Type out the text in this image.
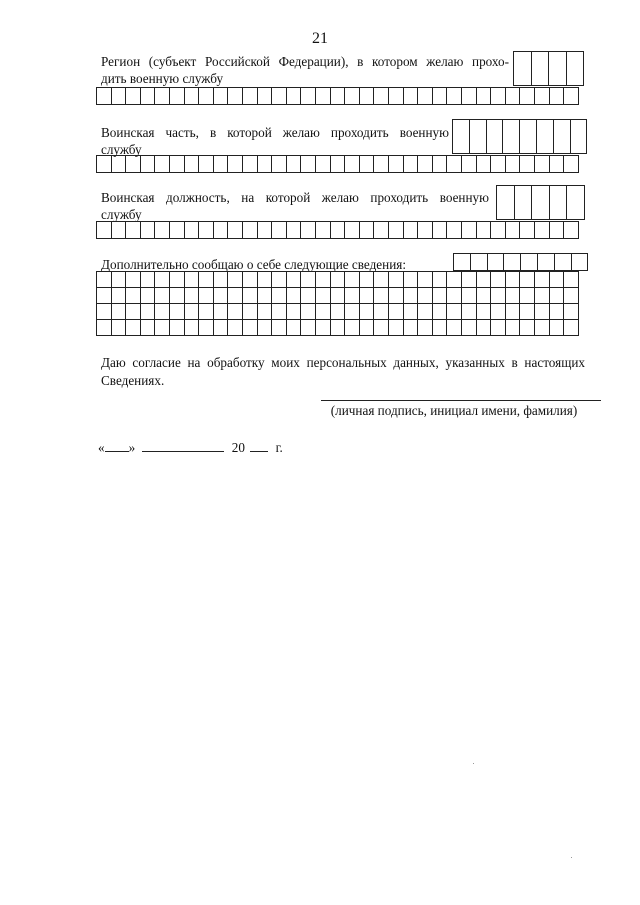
21
Регион (субъект Российской Федерации), в котором желаю прохо-
дить военную службу
Воинская часть, в которой желаю проходить военную
службу
Воинская должность, на которой желаю проходить военную
службу
Дополнительно сообщаю о себе следующие сведения:
Даю согласие на обработку моих персональных данных, указанных в настоящих
Сведениях.
(личная подпись, инициал имени, фамилия)
« »	20 г.
